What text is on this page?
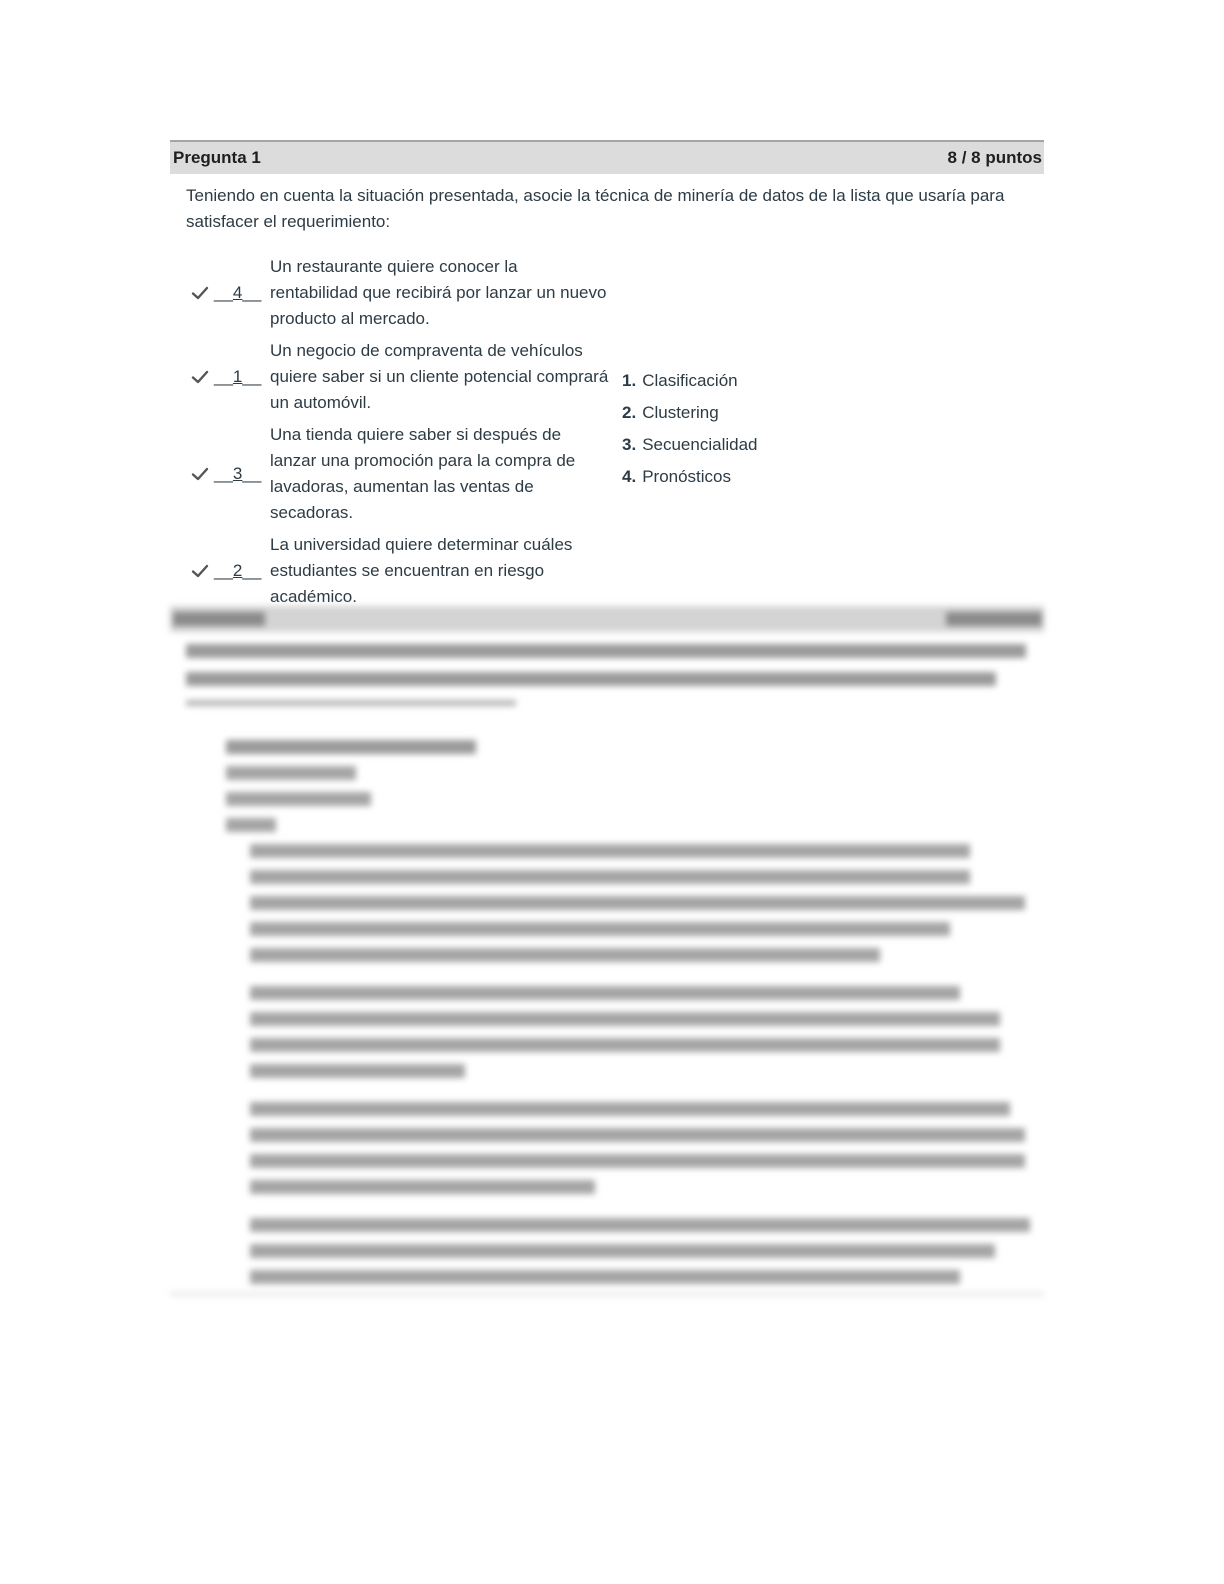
Pregunta 1	8 / 8 puntos
Teniendo en cuenta la situación presentada, asocie la técnica de minería de datos de la lista que usaría para satisfacer el requerimiento:
__4__
Un restaurante quiere conocer la rentabilidad que recibirá por lanzar un nuevo producto al mercado.
__1__
Un negocio de compraventa de vehículos quiere saber si un cliente potencial comprará un automóvil.
__3__
Una tienda quiere saber si después de lanzar una promoción para la compra de lavadoras, aumentan las ventas de secadoras.
__2__
La universidad quiere determinar cuáles estudiantes se encuentran en riesgo académico.
1. Clasificación
2. Clustering
3. Secuencialidad
4. Pronósticos
